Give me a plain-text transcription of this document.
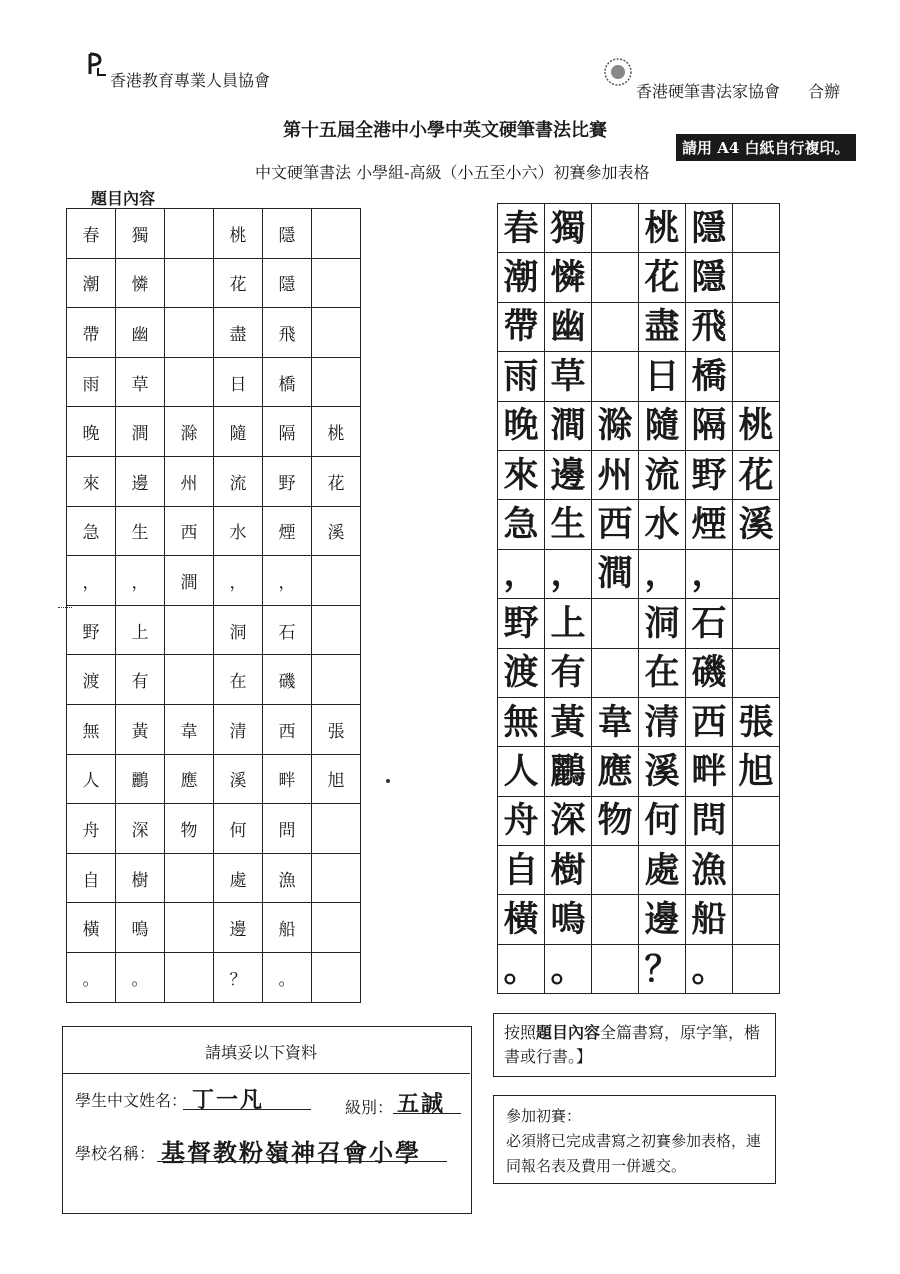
香港教育專業人員協會
香港硬筆書法家協會 合辦
第十五屆全港中小學中英文硬筆書法比賽
請用 A4 白紙自行複印。
中文硬筆書法 小學組-高級（小五至小六）初賽參加表格
題目內容
春	獨		桃	隱	
潮	憐		花	隱	
帶	幽		盡	飛	
雨	草		日	橋	
晚	澗	滁	隨	隔	桃
來	邊	州	流	野	花
急	生	西	水	煙	溪
，	，	澗	，	，	
野	上		洞	石	
渡	有		在	磯	
無	黃	韋	清	西	張
人	鸝	應	溪	畔	旭
舟	深	物	何	問	
自	樹		處	漁	
橫	鳴		邊	船	
。	。		？	。	
春	獨		桃	隱	
潮	憐		花	隱	
帶	幽		盡	飛	
雨	草		日	橋	
晚	澗	滁	隨	隔	桃
來	邊	州	流	野	花
急	生	西	水	煙	溪
，	，	澗	，	，	
野	上		洞	石	
渡	有		在	磯	
無	黃	韋	清	西	張
人	鸝	應	溪	畔	旭
舟	深	物	何	問	
自	樹		處	漁	
橫	鳴		邊	船	
。	。		？	。	
按照題目內容全篇書寫，原字筆，楷書或行書。】
請填妥以下資料
學生中文姓名： 丁一凡	級別： 五誠
學校名稱： 基督教粉嶺神召會小學
參加初賽：
必須將已完成書寫之初賽參加表格，連同報名表及費用一併遞交。
